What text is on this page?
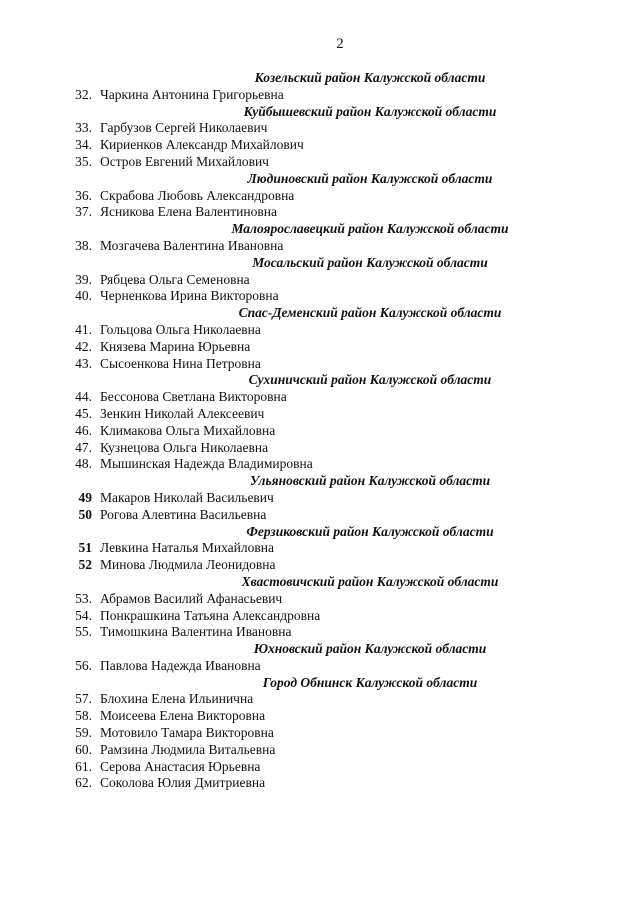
2
Козельский район Калужской области
32. Чаркина Антонина Григорьевна
Куйбышевский район Калужской области
33. Гарбузов Сергей Николаевич
34. Кириенков Александр Михайлович
35. Остров Евгений Михайлович
Людиновский район Калужской области
36. Скрабова Любовь Александровна
37. Ясникова Елена Валентиновна
Малоярославецкий район Калужской области
38. Мозгачева Валентина Ивановна
Мосальский район Калужской области
39. Рябцева Ольга Семеновна
40. Черненкова Ирина Викторовна
Спас-Деменский район Калужской области
41. Гольцова Ольга Николаевна
42. Князева Марина Юрьевна
43. Сысоенкова Нина Петровна
Сухиничский район Калужской области
44. Бессонова Светлана Викторовна
45. Зенкин Николай Алексеевич
46. Климакова Ольга Михайловна
47. Кузнецова Ольга Николаевна
48. Мышинская Надежда Владимировна
Ульяновский район Калужской области
49 Макаров Николай Васильевич
50 Рогова Алевтина Васильевна
Ферзиковский район Калужской области
51 Левкина Наталья Михайловна
52 Минова Людмила Леонидовна
Хвастовичский район Калужской области
53. Абрамов Василий Афанасьевич
54. Понкрашкина Татьяна Александровна
55. Тимошкина Валентина Ивановна
Юхновский район Калужской области
56. Павлова Надежда Ивановна
Город Обнинск Калужской области
57. Блохина Елена Ильинична
58. Моисеева Елена Викторовна
59. Мотовило Тамара Викторовна
60. Рамзина Людмила Витальевна
61. Серова Анастасия Юрьевна
62. Соколова Юлия Дмитриевна
